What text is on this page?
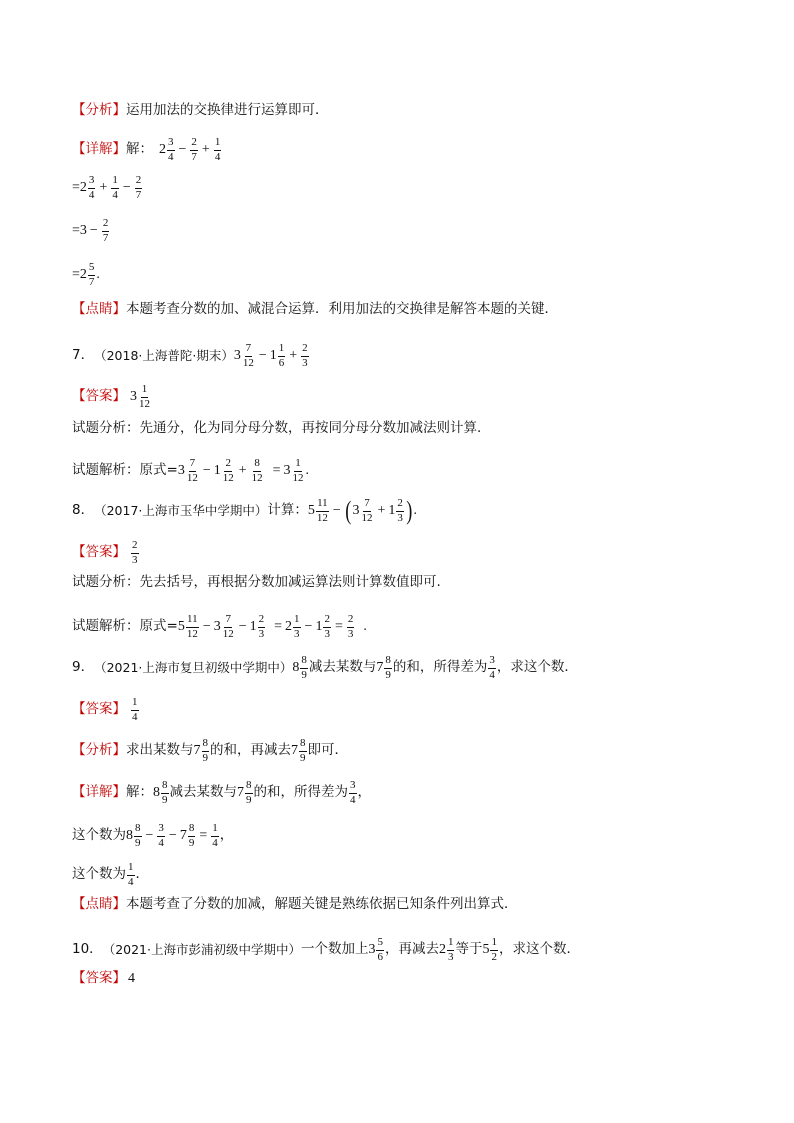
【分析】 运用加法的交换律进行运算即可．
【详解】 解： 2
3
$4 - \frac{2}{7} + \frac{1}{4}$
= 2
3
$4 + \frac{1}{4} - \frac{2}{7}$
= $3 - \frac{2}{7}$
= 2
5
7 .
【点睛】 本题考查分数的加、减混合运算．利用加法的交换律是解答本题的关键．
7． （2018·上海普陀·期末） 3
7
12 − 1
1
$6 + \frac{2}{3}$
【答案】 3
1
12
试题分析： 先通分，化为同分母分数，再按同分母分数加减法则计算.
试题解析： 原式= 3
7
12 − 1
2
$12 + \frac{8}{12} = 3$
1
12 .
8． （2017·上海市玉华中学期中） 计算： 5
11
12 − ( 3
7
12 + 1
2
3 ) .
【答案】 2
3
试题分析： 先去括号，再根据分数加减运算法则计算数值即可.
试题解析： 原式= 5
11
12 − 3
7
$12 - 1 \frac{2}{3} = 2$
1
$3 - 1 \frac{2}{3} = \frac{2}{3}$ .
9． （2021·上海市复旦初级中学期中） 8
8
9 减去某数与 7
8
9 的和，所得差为 3
4 ，求这个数．
【答案】 1
4
【分析】 求出某数与 7
8
9 的和，再减去 7
8
9 即可．
【详解】 解： 8
8
9 减去某数与 7
8
9 的和，所得差为 3
4 ，
这个数为 8
8
$9 - \frac{3}{4} - 7 \frac{8}{9} = \frac{1}{4}$ ，
这个数为 1
4 ．
【点睛】 本题考查了分数的加减，解题关键是熟练依据已知条件列出算式．
10． （2021·上海市彭浦初级中学期中） 一个数加上 3
5
6 ，再减去 2
1
3 等于 5
1
2 ，求这个数．
【答案】 4
